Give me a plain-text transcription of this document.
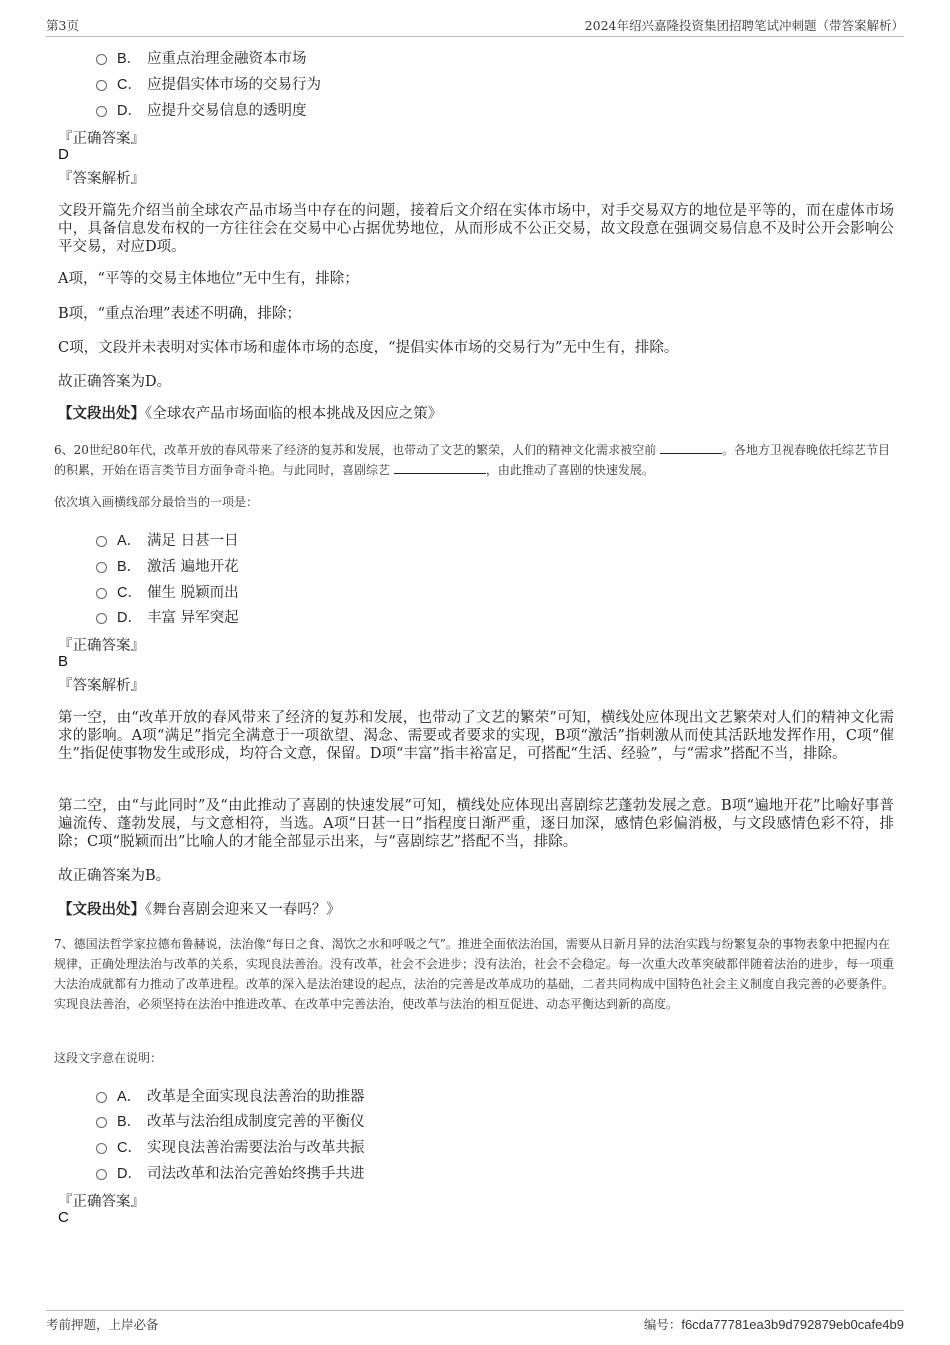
第3页	2024年绍兴嘉隆投资集团招聘笔试冲刺题（带答案解析）
B． 应重点治理金融资本市场
C． 应提倡实体市场的交易行为
D． 应提升交易信息的透明度
『正确答案』
D
『答案解析』
文段开篇先介绍当前全球农产品市场当中存在的问题，接着后文介绍在实体市场中，对手交易双方的地位是平等的，而在虚体市场中，具备信息发布权的一方往往会在交易中心占据优势地位，从而形成不公正交易，故文段意在强调交易信息不及时公开会影响公平交易，对应D项。
A项，“平等的交易主体地位”无中生有，排除；
B项，“重点治理”表述不明确，排除；
C项，文段并未表明对实体市场和虚体市场的态度，“提倡实体市场的交易行为”无中生有，排除。
故正确答案为D。
【文段出处】《全球农产品市场面临的根本挑战及因应之策》
6、20世纪80年代，改革开放的春风带来了经济的复苏和发展，也带动了文艺的繁荣，人们的精神文化需求被空前	。各地方卫视春晚依托综艺节目的积累，开始在语言类节目方面争奇斗艳。与此同时，喜剧综艺	，由此推动了喜剧的快速发展。
依次填入画横线部分最恰当的一项是：
A． 满足 日甚一日
B． 激活 遍地开花
C． 催生 脱颖而出
D． 丰富 异军突起
『正确答案』
B
『答案解析』
第一空，由“改革开放的春风带来了经济的复苏和发展，也带动了文艺的繁荣”可知，横线处应体现出文艺繁荣对人们的精神文化需求的影响。A项“满足”指完全满意于一项欲望、渴念、需要或者要求的实现，B项“激活”指刺激从而使其活跃地发挥作用，C项“催生”指促使事物发生或形成，均符合文意，保留。D项“丰富”指丰裕富足，可搭配“生活、经验”，与“需求”搭配不当，排除。
第二空，由“与此同时”及“由此推动了喜剧的快速发展”可知，横线处应体现出喜剧综艺蓬勃发展之意。B项“遍地开花”比喻好事普遍流传、蓬勃发展，与文意相符，当选。A项“日甚一日”指程度日渐严重，逐日加深，感情色彩偏消极，与文段感情色彩不符，排除；C项“脱颖而出”比喻人的才能全部显示出来，与“喜剧综艺”搭配不当，排除。
故正确答案为B。
【文段出处】《舞台喜剧会迎来又一春吗？》
7、德国法哲学家拉德布鲁赫说，法治像“每日之食、渴饮之水和呼吸之气”。推进全面依法治国，需要从日新月异的法治实践与纷繁复杂的事物表象中把握内在规律，正确处理法治与改革的关系，实现良法善治。没有改革，社会不会进步；没有法治，社会不会稳定。每一次重大改革突破都伴随着法治的进步，每一项重大法治成就都有力推动了改革进程。改革的深入是法治建设的起点，法治的完善是改革成功的基础，二者共同构成中国特色社会主义制度自我完善的必要条件。实现良法善治，必须坚持在法治中推进改革、在改革中完善法治，使改革与法治的相互促进、动态平衡达到新的高度。
这段文字意在说明：
A． 改革是全面实现良法善治的助推器
B． 改革与法治组成制度完善的平衡仪
C． 实现良法善治需要法治与改革共振
D． 司法改革和法治完善始终携手共进
『正确答案』
C
考前押题，上岸必备	编号：f6cda77781ea3b9d792879eb0cafe4b9
